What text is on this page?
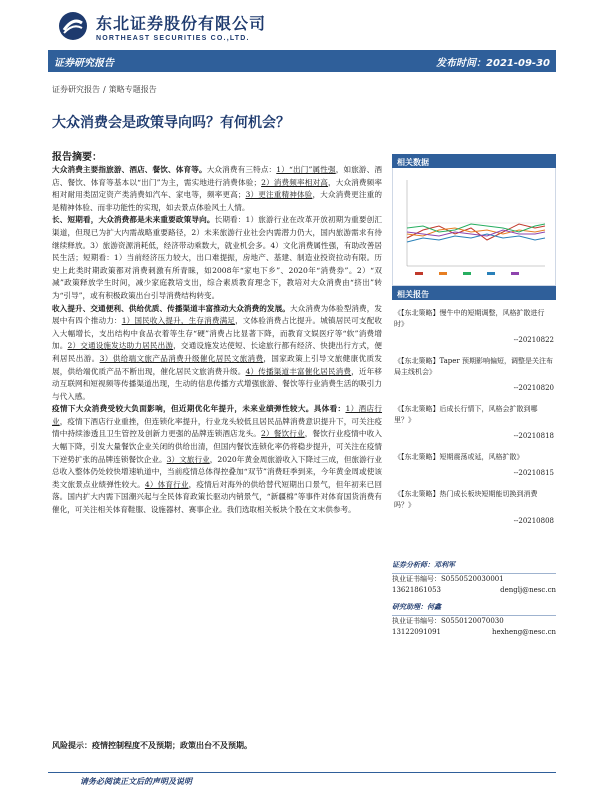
东北证券股份有限公司
NORTHEAST SECURITIES CO.,LTD.
证券研究报告	发布时间：2021-09-30
证券研究报告 / 策略专题报告
大众消费会是政策导向吗？有何机会？
报告摘要：

大众消费主要指旅游、酒店、餐饮、体育等。大众消费有三特点：1）“出门”属性强，如旅游、酒店、餐饮、体育等基本以“出门”为主，需实地进行消费体验；2）消费频率相对高，大众消费频率相对耐用类固定资产类消费如汽车、家电等，频率更高；3）更注重精神体验，大众消费更注重的是精神体验、而非功能性的实现，如去景点体验风土人情。

长、短期看，大众消费都是未来重要政策导向。长期看：1）旅游行业在改革开放初期为重要创汇渠道，但现已为扩大内需战略重要路径，2）未来旅游行业社会内需潜力仍大，国内旅游需求有待继续释放。3）旅游资源消耗低，经济带动乘数大，就业机会多。4）文化消费属性强，有助改善居民生活；短期看：1）当前经济压力较大，出口难提振，房地产、基建、制造业投资拉动有限。历史上此类时期政策都对消费刺激有所青睐，如2008年“家电下乡”、2020年“消费券”。2）“双减”政策释放学生时间，减少家庭教培支出，综合素质教育理念下，教培对大众消费由“挤出”转为“引导”，或有积极政策出台引导消费结构转变。

收入提升、交通便利、供给优质、传播渠道丰富推动大众消费的发展。大众消费为体验型消费，发展中有四个推动力：1）国民收入提升，生存消费满足，文体验消费占比提升。城镇居民可支配收入大幅增长，支出结构中食品衣着等生存“硬”消费占比显著下降，而教育文娱医疗等“软”消费增加。2）交通设施发达助力居民出游，交通设施发达使短、长途旅行都有经济、快捷出行方式，便利居民出游。3）供给端文旅产品消费升级催化居民文旅消费，国家政策上引导文旅健康优质发展，供给端优质产品不断出现，催化居民文旅消费升级。4）传播渠道丰富催化居民消费，近年移动互联网和短视频等传播渠道出现，生动的信息传播方式增强旅游、餐饮等行业消费生活的吸引力与代入感。

疫情下大众消费受较大负面影响，但近期优化年提升，未来业绩弹性较大。具体看：1）酒店行业，疫情下酒店行业重挫，但连锁化率提升，行业龙头较低且居民品牌消费意识提升下，可关注疫情中持续渗透且卫生管控及创新力更强的品牌连锁酒店龙头。2）餐饮行业，餐饮行业疫情中收入大幅下降，引发大量餐饮企业关闭的供给出清，但国内餐饮连锁化率仍将稳步提升，可关注在疫情下逆势扩张的品牌连锁餐饮企业。3）文旅行业，2020年黄金周旅游收入下降过三成，但旅游行业总收入整体仍处较快增速轨道中，当前疫情总体得控叠加“双节”消费旺季到来，今年黄金周或使该类文旅景点业绩弹性较大。4）体育行业，疫情后对海外的供给替代短期出口景气，但年初来已回落。国内扩大内需下国潮兴起与全民体育政策长驱动内销景气，“新疆棉”等事件对体育国货消费有催化，可关注相关体育鞋服、设施器材、赛事企业。我们选取相关板块个股在文末供参考。

风险提示：疫情控制程度不及预期；政策出台不及预期。
相关数据
相关报告
《【东北策略】慢牛中的短期调整，风格扩散进行时》
--20210822
《【东北策略】Taper 预期影响偏短，调整是关注布局主线机会》
--20210820
《【东北策略】后成长行情下，风格会扩散到哪里？》
--20210818
《【东北策略】短期震荡或延，风格扩散》
--20210815
《【东北策略】热门成长板块短期能切换到消费吗？》
--20210808
证券分析师：邓利军
执业证书编号：S0550520030001
13621861053	denglj@nesc.cn
研究助理：何鑫
执业证书编号：S0550120070030
13122091091	hexheng@nesc.cn
请务必阅读正文后的声明及说明
